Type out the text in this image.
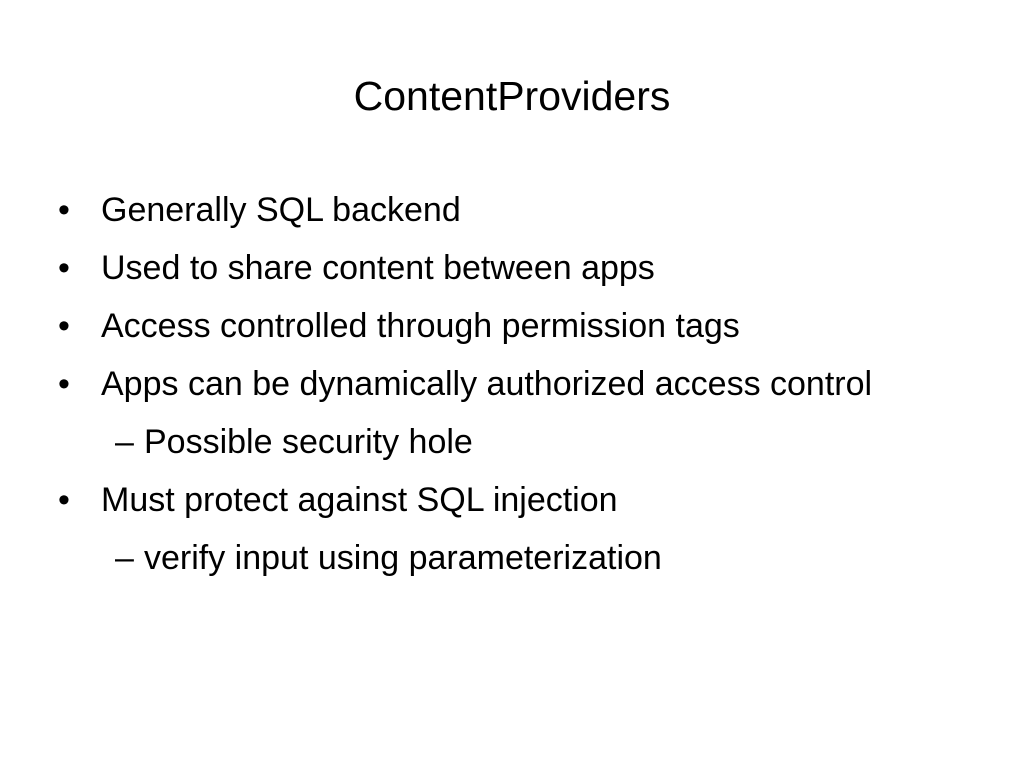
ContentProviders
• Generally SQL backend
• Used to share content between apps
• Access controlled through permission tags
• Apps can be dynamically authorized access control
– Possible security hole
• Must protect against SQL injection
– verify input using parameterization
